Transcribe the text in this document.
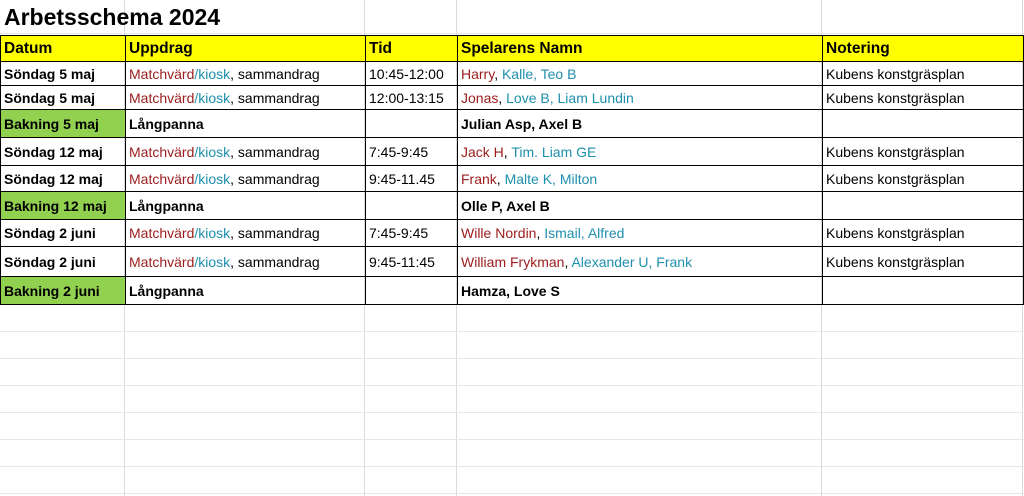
Arbetsschema 2024
Datum	Uppdrag	Tid	Spelarens Namn	Notering
Söndag 5 maj	Matchvärd/kiosk, sammandrag	10:45-12:00	Harry, Kalle, Teo B	Kubens konstgräsplan
Söndag 5 maj	Matchvärd/kiosk, sammandrag	12:00-13:15	Jonas, Love B, Liam Lundin	Kubens konstgräsplan
Bakning 5 maj	Långpanna		Julian Asp, Axel B	
Söndag 12 maj	Matchvärd/kiosk, sammandrag	7:45-9:45	Jack H, Tim. Liam GE	Kubens konstgräsplan
Söndag 12 maj	Matchvärd/kiosk, sammandrag	9:45-11.45	Frank, Malte K, Milton	Kubens konstgräsplan
Bakning 12 maj	Långpanna		Olle P, Axel B	
Söndag 2 juni	Matchvärd/kiosk, sammandrag	7:45-9:45	Wille Nordin, Ismail, Alfred	Kubens konstgräsplan
Söndag 2 juni	Matchvärd/kiosk, sammandrag	9:45-11:45	William Frykman, Alexander U, Frank	Kubens konstgräsplan
Bakning 2 juni	Långpanna		Hamza, Love S	
